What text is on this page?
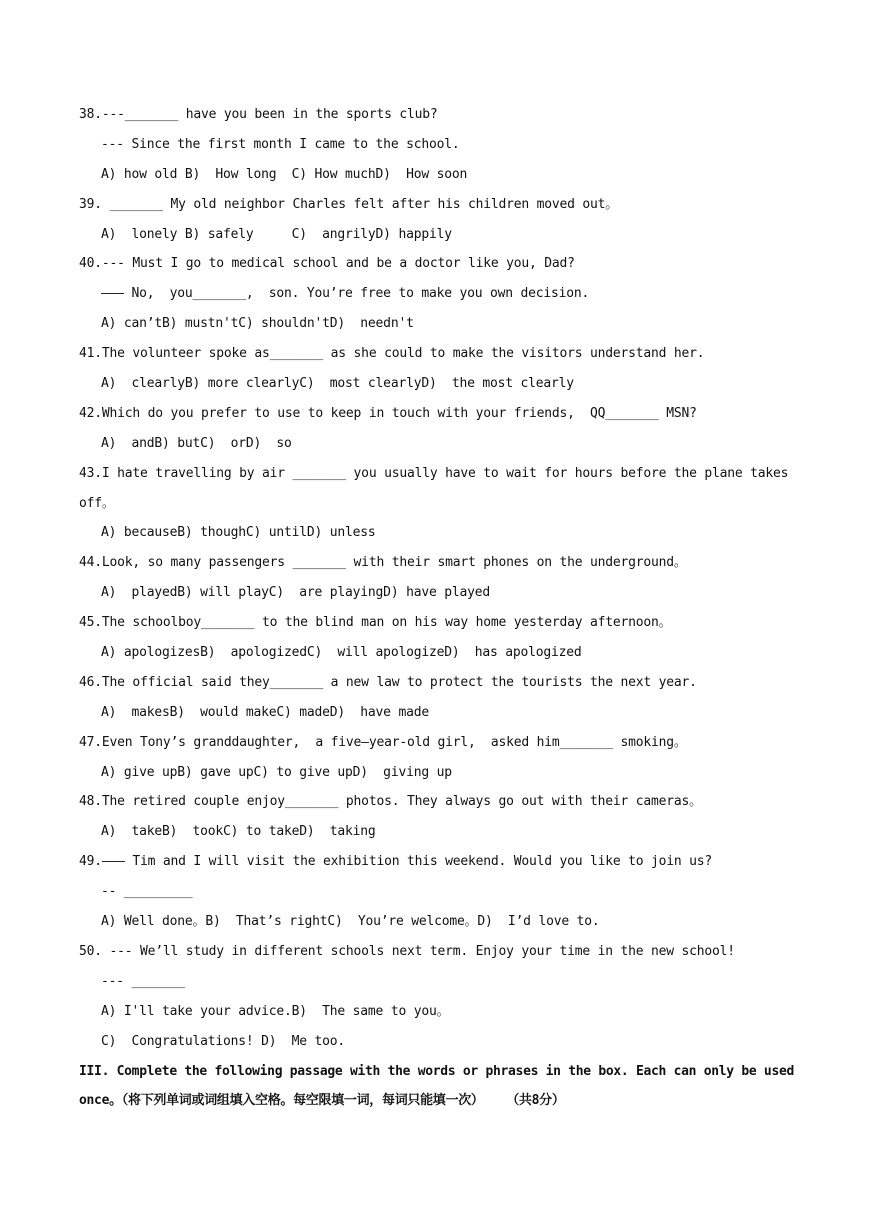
38.---_______ have you been in the sports club?
--- Since the first month I came to the school.
A) how old B)  How long  C) How muchD)  How soon
39. _______ My old neighbor Charles felt after his children moved out。
A)  lonely B) safely     C)  angrilyD) happily
40.--- Must I go to medical school and be a doctor like you, Dad?
——— No,  you_______,  son. You’re free to make you own decision.
A) can’tB) mustn'tC) shouldn'tD)  needn't
41.The volunteer spoke as_______ as she could to make the visitors understand her.
A)  clearlyB) more clearlyC)  most clearlyD)  the most clearly
42.Which do you prefer to use to keep in touch with your friends,  QQ_______ MSN?
A)  andB) butC)  orD)  so
43.I hate travelling by air _______ you usually have to wait for hours before the plane takes
off。
A) becauseB) thoughC) untilD) unless
44.Look, so many passengers _______ with their smart phones on the underground。
A)  playedB) will playC)  are playingD) have played
45.The schoolboy_______ to the blind man on his way home yesterday afternoon。
A) apologizesB)  apologizedC)  will apologizeD)  has apologized
46.The official said they_______ a new law to protect the tourists the next year.
A)  makesB)  would makeC) madeD)  have made
47.Even Tony’s granddaughter,  a five—year-old girl,  asked him_______ smoking。
A) give upB) gave upC) to give upD)  giving up
48.The retired couple enjoy_______ photos. They always go out with their cameras。
A)  takeB)  tookC) to takeD)  taking
49.——— Tim and I will visit the exhibition this weekend. Would you like to join us?
-- _________
A) Well done。B)  That’s rightC)  You’re welcome。D)  I’d love to.
50. --- We’ll study in different schools next term. Enjoy your time in the new school!
--- _______
A) I'll take your advice.B)  The same to you。
C)  Congratulations! D)  Me too.
III. Complete the following passage with the words or phrases in the box. Each can only be used
once。（将下列单词或词组填入空格。每空限填一词，每词只能填一次）   （共8分）
